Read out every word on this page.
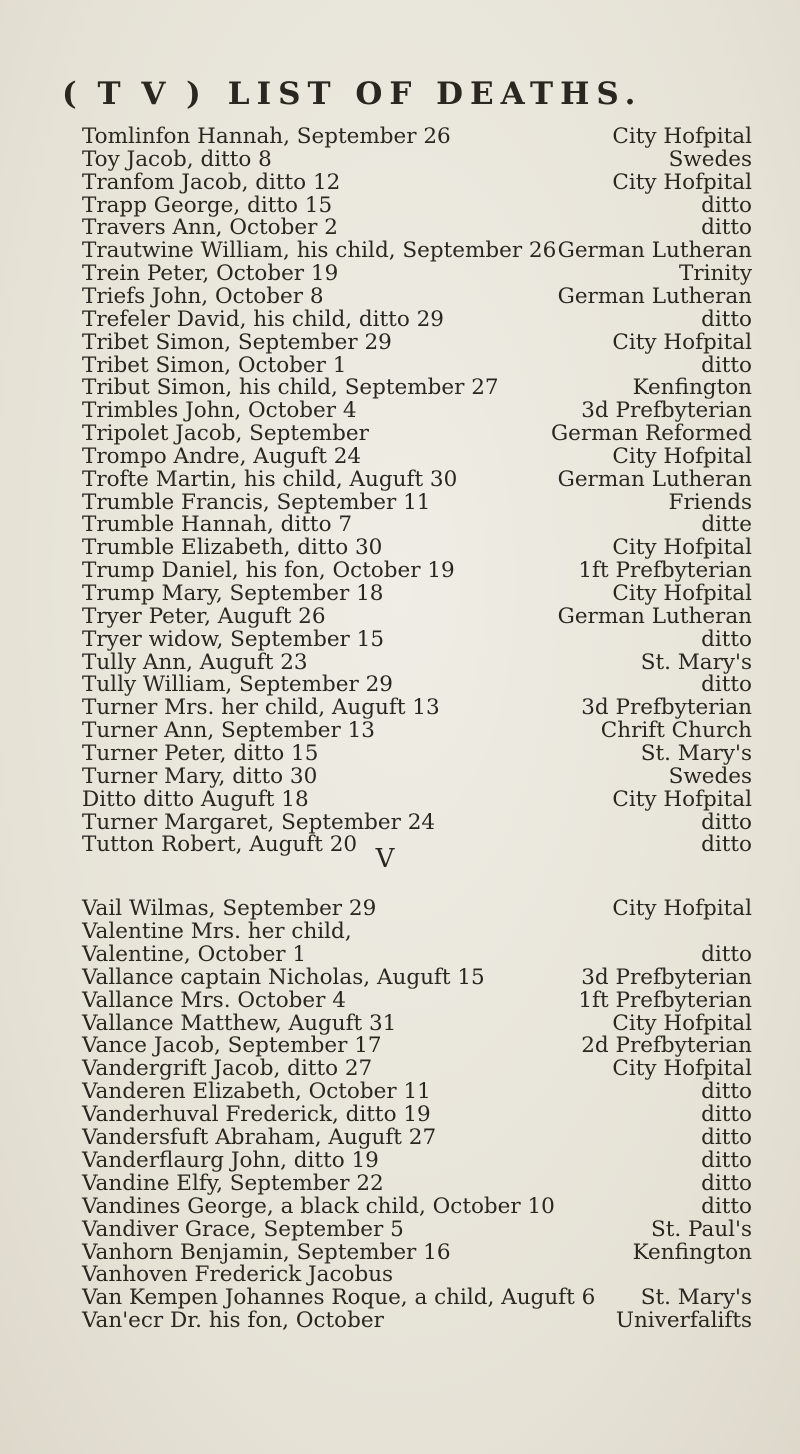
( T V ) LIST OF DEATHS.
Tomlinfon Hannah, September 26	City Hofpital
Toy Jacob, ditto 8	Swedes
Tranfom Jacob, ditto 12	City Hofpital
Trapp George, ditto 15	ditto
Travers Ann, October 2	ditto
Trautwine William, his child, September 26 German Lutheran
Trein Peter, October 19	Trinity
Triefs John, October 8	German Lutheran
Trefeler David, his child, ditto 29	ditto
Tribet Simon, September 29	City Hofpital
Tribet Simon, October 1	ditto
Tribut Simon, his child, September 27	Kenfington
Trimbles John, October 4	3d Prefbyterian
Tripolet Jacob, September	German Reformed
Trompo Andre, Auguft 24	City Hofpital
Trofte Martin, his child, Auguft 30	German Lutheran
Trumble Francis, September 11	Friends
Trumble Hannah, ditto 7	ditte
Trumble Elizabeth, ditto 30	City Hofpital
Trump Daniel, his fon, October 19	1ft Prefbyterian
Trump Mary, September 18	City Hofpital
Tryer Peter, Auguft 26	German Lutheran
Tryer widow, September 15	ditto
Tully Ann, Auguft 23	St. Mary's
Tully William, September 29	ditto
Turner Mrs. her child, Auguft 13	3d Prefbyterian
Turner Ann, September 13	Chrift Church
Turner Peter, ditto 15	St. Mary's
Turner Mary, ditto 30	Swedes
Ditto ditto Auguft 18	City Hofpital
Turner Margaret, September 24	ditto
Tutton Robert, Auguft 20	ditto
V
Vail Wilmas, September 29	City Hofpital
Valentine Mrs. her child,
Valentine, October 1	ditto
Vallance captain Nicholas, Auguft 15	3d Prefbyterian
Vallance Mrs. October 4	1ft Prefbyterian
Vallance Matthew, Auguft 31	City Hofpital
Vance Jacob, September 17	2d Prefbyterian
Vandergrift Jacob, ditto 27	City Hofpital
Vanderen Elizabeth, October 11	ditto
Vanderhuval Frederick, ditto 19	ditto
Vandersfuft Abraham, Auguft 27	ditto
Vanderflaurg John, ditto 19	ditto
Vandine Elfy, September 22	ditto
Vandines George, a black child, October 10	ditto
Vandiver Grace, September 5	St. Paul's
Vanhorn Benjamin, September 16	Kenfington
Vanhoven Frederick Jacobus
Van Kempen Johannes Roque, a child, Auguft 6 St. Mary's
Van'ecr Dr. his fon, October	Univerfalifts
